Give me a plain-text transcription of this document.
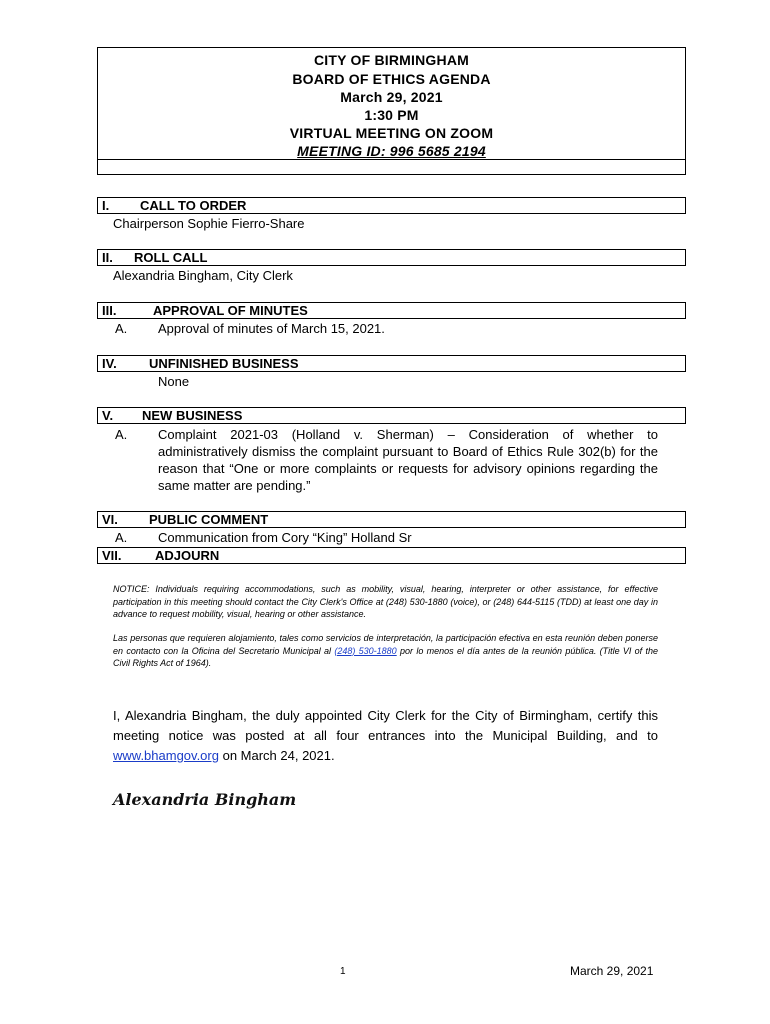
CITY OF BIRMINGHAM
BOARD OF ETHICS AGENDA
March 29, 2021
1:30 PM
VIRTUAL MEETING ON ZOOM
MEETING ID: 996 5685 2194
I. CALL TO ORDER
Chairperson Sophie Fierro-Share
II. ROLL CALL
Alexandria Bingham, City Clerk
III.	APPROVAL OF MINUTES
A. Approval of minutes of March 15, 2021.
IV. UNFINISHED BUSINESS
None
V. NEW BUSINESS
A. Complaint 2021-03 (Holland v. Sherman) – Consideration of whether to administratively dismiss the complaint pursuant to Board of Ethics Rule 302(b) for the reason that “One or more complaints or requests for advisory opinions regarding the same matter are pending.”
VI. PUBLIC COMMENT
A. Communication from Cory “King” Holland Sr
VII.	ADJOURN
NOTICE: Individuals requiring accommodations, such as mobility, visual, hearing, interpreter or other assistance, for effective participation in this meeting should contact the City Clerk's Office at (248) 530-1880 (voice), or (248) 644-5115 (TDD) at least one day in advance to request mobility, visual, hearing or other assistance.
Las personas que requieren alojamiento, tales como servicios de interpretación, la participación efectiva en esta reunión deben ponerse en contacto con la Oficina del Secretario Municipal al (248) 530-1880 por lo menos el día antes de la reunión pública. (Title VI of the Civil Rights Act of 1964).
I, Alexandria Bingham, the duly appointed City Clerk for the City of Birmingham, certify this meeting notice was posted at all four entrances into the Municipal Building, and to www.bhamgov.org on March 24, 2021.
Alexandria Bingham
1	March 29, 2021
